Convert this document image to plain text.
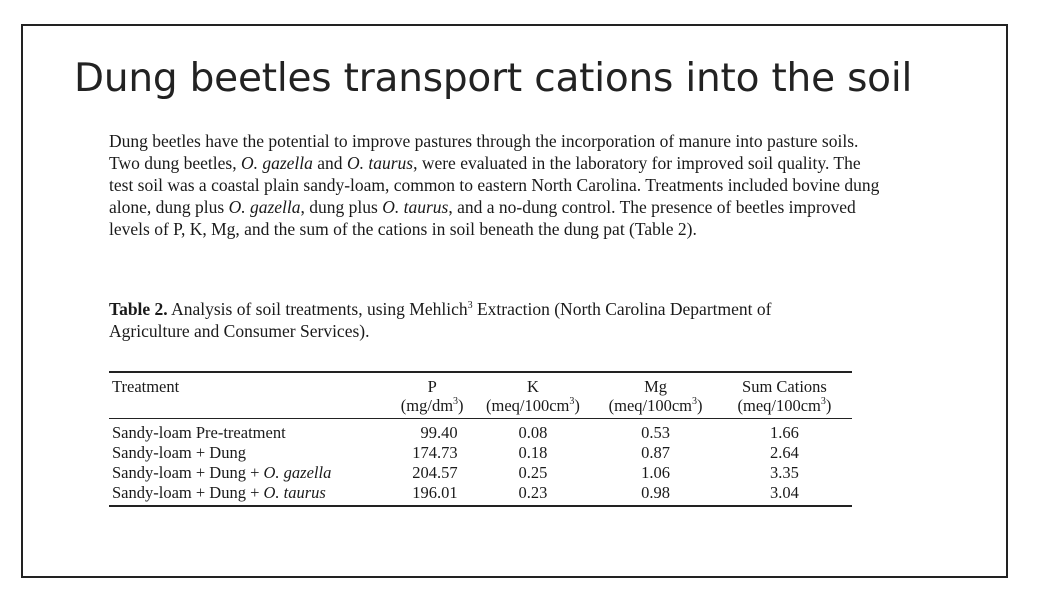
Dung beetles transport cations into the soil

Dung beetles have the potential to improve pastures through the incorporation of manure into pasture soils. Two dung beetles, O. gazella and O. taurus, were evaluated in the laboratory for improved soil quality. The test soil was a coastal plain sandy-loam, common to eastern North Carolina. Treatments included bovine dung alone, dung plus O. gazella, dung plus O. taurus, and a no-dung control. The presence of beetles improved levels of P, K, Mg, and the sum of the cations in soil beneath the dung pat (Table 2).

Table 2. Analysis of soil treatments, using Mehlich$^3$ Extraction (North Carolina Department of Agriculture and Consumer Services).

Treatment	P	K	Mg	Sum Cations
	$(mg/dm^3)$	$(meq/100cm^3)$	$(meq/100cm^3)$	$(meq/100cm^3)$
Sandy-loam Pre-treatment	99.40	0.08	0.53	1.66
Sandy-loam + Dung	174.73	0.18	0.87	2.64
Sandy-loam + Dung + O. gazella	204.57	0.25	1.06	3.35
Sandy-loam + Dung + O. taurus	196.01	0.23	0.98	3.04
